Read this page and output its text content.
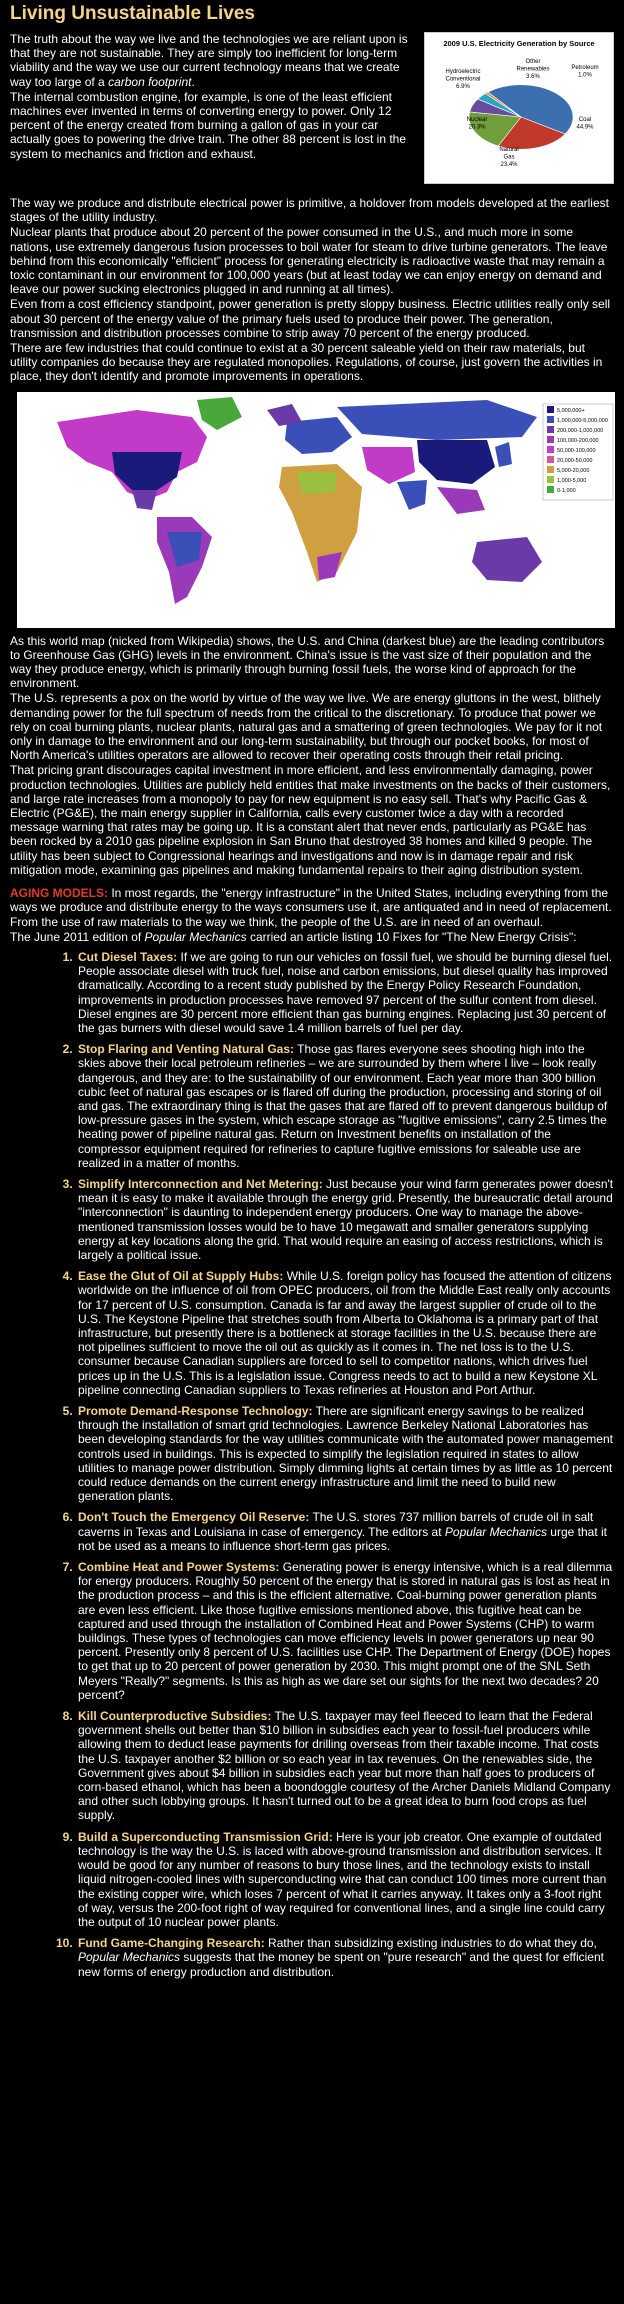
Living Unsustainable Lives
2009 U.S. Electricity Generation by Source
Coal
44.9%
Natural
Gas
23.4%
Nuclear
20.3%
Hydroelectric
Conventional
6.9%
Other
Renewables
3.6%
Petroleum
1.0%

The truth about the way we live and the technologies we are reliant upon is that they are not sustainable. They are simply too inefficient for long-term viability and the way we use our current technology means that we create way too large of a carbon footprint.

The internal combustion engine, for example, is one of the least efficient machines ever invented in terms of converting energy to power. Only 12 percent of the energy created from burning a gallon of gas in your car actually goes to powering the drive train. The other 88 percent is lost in the system to mechanics and friction and exhaust.

The way we produce and distribute electrical power is primitive, a holdover from models developed at the earliest stages of the utility industry.

Nuclear plants that produce about 20 percent of the power consumed in the U.S., and much more in some nations, use extremely dangerous fusion processes to boil water for steam to drive turbine generators. The leave behind from this economically "efficient" process for generating electricity is radioactive waste that may remain a toxic contaminant in our environment for 100,000 years (but at least today we can enjoy energy on demand and leave our power sucking electronics plugged in and running at all times).

Even from a cost efficiency standpoint, power generation is pretty sloppy business. Electric utilities really only sell about 30 percent of the energy value of the primary fuels used to produce their power. The generation, transmission and distribution processes combine to strip away 70 percent of the energy produced.

There are few industries that could continue to exist at a 30 percent saleable yield on their raw materials, but utility companies do because they are regulated monopolies. Regulations, of course, just govern the activities in place, they don't identify and promote improvements in operations.

5,000,000+
1,000,000-5,000,000
200,000-1,000,000
100,000-200,000
50,000-100,000
20,000-50,000
5,000-20,000
1,000-5,000
0-1,000

As this world map (nicked from Wikipedia) shows, the U.S. and China (darkest blue) are the leading contributors to Greenhouse Gas (GHG) levels in the environment. China's issue is the vast size of their population and the way they produce energy, which is primarily through burning fossil fuels, the worse kind of approach for the environment.

The U.S. represents a pox on the world by virtue of the way we live. We are energy gluttons in the west, blithely demanding power for the full spectrum of needs from the critical to the discretionary. To produce that power we rely on coal burning plants, nuclear plants, natural gas and a smattering of green technologies. We pay for it not only in damage to the environment and our long-term sustainability, but through our pocket books, for most of North America's utilities operators are allowed to recover their operating costs through their retail pricing.

That pricing grant discourages capital investment in more efficient, and less environmentally damaging, power production technologies. Utilities are publicly held entities that make investments on the backs of their customers, and large rate increases from a monopoly to pay for new equipment is no easy sell. That's why Pacific Gas & Electric (PG&E), the main energy supplier in California, calls every customer twice a day with a recorded message warning that rates may be going up. It is a constant alert that never ends, particularly as PG&E has been rocked by a 2010 gas pipeline explosion in San Bruno that destroyed 38 homes and killed 9 people. The utility has been subject to Congressional hearings and investigations and now is in damage repair and risk mitigation mode, examining gas pipelines and making fundamental repairs to their aging distribution system.

AGING MODELS: In most regards, the "energy infrastructure" in the United States, including everything from the ways we produce and distribute energy to the ways consumers use it, are antiquated and in need of replacement. From the use of raw materials to the way we think, the people of the U.S. are in need of an overhaul.

The June 2011 edition of Popular Mechanics carried an article listing 10 Fixes for "The New Energy Crisis":

1. Cut Diesel Taxes: If we are going to run our vehicles on fossil fuel, we should be burning diesel fuel. People associate diesel with truck fuel, noise and carbon emissions, but diesel quality has improved dramatically. According to a recent study published by the Energy Policy Research Foundation, improvements in production processes have removed 97 percent of the sulfur content from diesel. Diesel engines are 30 percent more efficient than gas burning engines. Replacing just 30 percent of the gas burners with diesel would save 1.4 million barrels of fuel per day.
2. Stop Flaring and Venting Natural Gas: Those gas flares everyone sees shooting high into the skies above their local petroleum refineries – we are surrounded by them where I live – look really dangerous, and they are: to the sustainability of our environment. Each year more than 300 billion cubic feet of natural gas escapes or is flared off during the production, processing and storing of oil and gas. The extraordinary thing is that the gases that are flared off to prevent dangerous buildup of low-pressure gases in the system, which escape storage as "fugitive emissions", carry 2.5 times the heating power of pipeline natural gas. Return on Investment benefits on installation of the compressor equipment required for refineries to capture fugitive emissions for saleable use are realized in a matter of months.
3. Simplify Interconnection and Net Metering: Just because your wind farm generates power doesn't mean it is easy to make it available through the energy grid. Presently, the bureaucratic detail around "interconnection" is daunting to independent energy producers. One way to manage the above-mentioned transmission losses would be to have 10 megawatt and smaller generators supplying energy at key locations along the grid. That would require an easing of access restrictions, which is largely a political issue.
4. Ease the Glut of Oil at Supply Hubs: While U.S. foreign policy has focused the attention of citizens worldwide on the influence of oil from OPEC producers, oil from the Middle East really only accounts for 17 percent of U.S. consumption. Canada is far and away the largest supplier of crude oil to the U.S. The Keystone Pipeline that stretches south from Alberta to Oklahoma is a primary part of that infrastructure, but presently there is a bottleneck at storage facilities in the U.S. because there are not pipelines sufficient to move the oil out as quickly as it comes in. The net loss is to the U.S. consumer because Canadian suppliers are forced to sell to competitor nations, which drives fuel prices up in the U.S. This is a legislation issue. Congress needs to act to build a new Keystone XL pipeline connecting Canadian suppliers to Texas refineries at Houston and Port Arthur.
5. Promote Demand-Response Technology: There are significant energy savings to be realized through the installation of smart grid technologies. Lawrence Berkeley National Laboratories has been developing standards for the way utilities communicate with the automated power management controls used in buildings. This is expected to simplify the legislation required in states to allow utilities to manage power distribution. Simply dimming lights at certain times by as little as 10 percent could reduce demands on the current energy infrastructure and limit the need to build new generation plants.
6. Don't Touch the Emergency Oil Reserve: The U.S. stores 737 million barrels of crude oil in salt caverns in Texas and Louisiana in case of emergency. The editors at Popular Mechanics urge that it not be used as a means to influence short-term gas prices.
7. Combine Heat and Power Systems: Generating power is energy intensive, which is a real dilemma for energy producers. Roughly 50 percent of the energy that is stored in natural gas is lost as heat in the production process – and this is the efficient alternative. Coal-burning power generation plants are even less efficient. Like those fugitive emissions mentioned above, this fugitive heat can be captured and used through the installation of Combined Heat and Power Systems (CHP) to warm buildings. These types of technologies can move efficiency levels in power generators up near 90 percent. Presently only 8 percent of U.S. facilities use CHP. The Department of Energy (DOE) hopes to get that up to 20 percent of power generation by 2030. This might prompt one of the SNL Seth Meyers "Really?" segments. Is this as high as we dare set our sights for the next two decades? 20 percent?
8. Kill Counterproductive Subsidies: The U.S. taxpayer may feel fleeced to learn that the Federal government shells out better than $10 billion in subsidies each year to fossil-fuel producers while allowing them to deduct lease payments for drilling overseas from their taxable income. That costs the U.S. taxpayer another $2 billion or so each year in tax revenues. On the renewables side, the Government gives about $4 billion in subsidies each year but more than half goes to producers of corn-based ethanol, which has been a boondoggle courtesy of the Archer Daniels Midland Company and other such lobbying groups. It hasn't turned out to be a great idea to burn food crops as fuel supply.
9. Build a Superconducting Transmission Grid: Here is your job creator. One example of outdated technology is the way the U.S. is laced with above-ground transmission and distribution services. It would be good for any number of reasons to bury those lines, and the technology exists to install liquid nitrogen-cooled lines with superconducting wire that can conduct 100 times more current than the existing copper wire, which loses 7 percent of what it carries anyway. It takes only a 3-foot right of way, versus the 200-foot right of way required for conventional lines, and a single line could carry the output of 10 nuclear power plants.
10. Fund Game-Changing Research: Rather than subsidizing existing industries to do what they do, Popular Mechanics suggests that the money be spent on "pure research" and the quest for efficient new forms of energy production and distribution.
